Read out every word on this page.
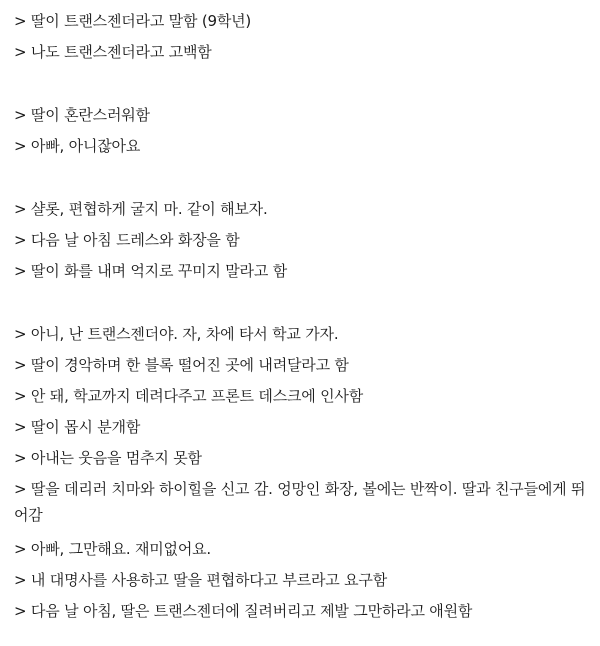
> 딸이 트랜스젠더라고 말함 (9학년)
> 나도 트랜스젠더라고 고백함
> 딸이 혼란스러워함
> 아빠, 아니잖아요
> 샬롯, 편협하게 굴지 마. 같이 해보자.
> 다음 날 아침 드레스와 화장을 함
> 딸이 화를 내며 억지로 꾸미지 말라고 함
> 아니, 난 트랜스젠더야. 자, 차에 타서 학교 가자.
> 딸이 경악하며 한 블록 떨어진 곳에 내려달라고 함
> 안 돼, 학교까지 데려다주고 프론트 데스크에 인사함
> 딸이 몹시 분개함
> 아내는 웃음을 멈추지 못함
> 딸을 데리러 치마와 하이힐을 신고 감. 엉망인 화장, 볼에는 반짝이. 딸과 친구들에게 뛰어감
> 아빠, 그만해요. 재미없어요.
> 내 대명사를 사용하고 딸을 편협하다고 부르라고 요구함
> 다음 날 아침, 딸은 트랜스젠더에 질려버리고 제발 그만하라고 애원함
